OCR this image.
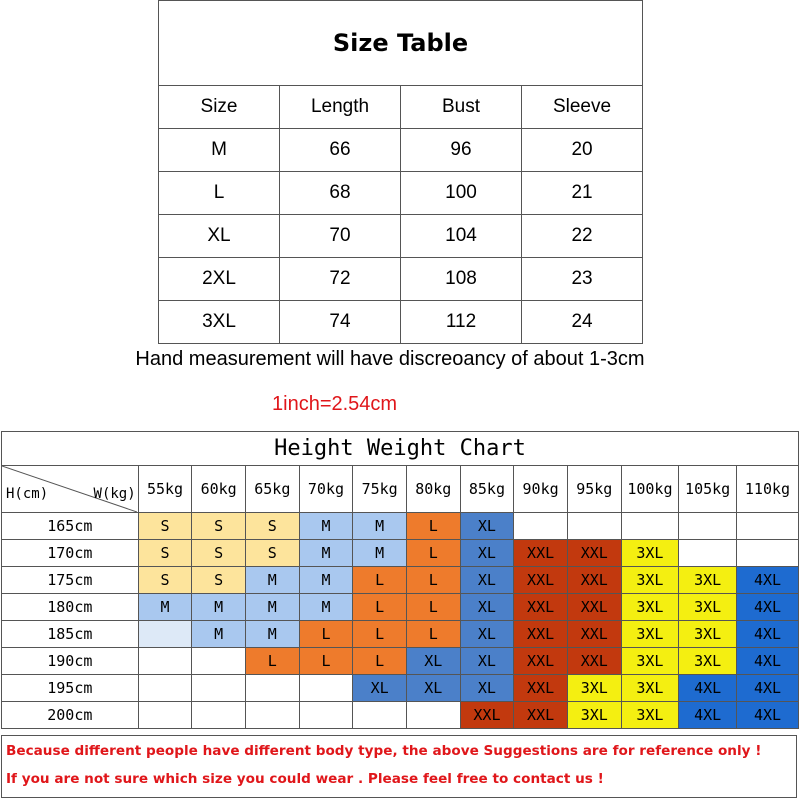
Size Table			
Size	Length	Bust	Sleeve
M	66	96	20
L	68	100	21
XL	70	104	22
2XL	72	108	23
3XL	74	112	24
Hand measurement will have discreoancy of about 1-3cm
1inch=2.54cm
Height Weight Chart												

H(cm) W(kg)	55kg	60kg	65kg	70kg	75kg	80kg	85kg	90kg	95kg	100kg	105kg	110kg
165cm	S	S	S	M	M	L	XL					
170cm	S	S	S	M	M	L	XL	XXL	XXL	3XL		
175cm	S	S	M	M	L	L	XL	XXL	XXL	3XL	3XL	4XL
180cm	M	M	M	M	L	L	XL	XXL	XXL	3XL	3XL	4XL
185cm		M	M	L	L	L	XL	XXL	XXL	3XL	3XL	4XL
190cm			L	L	L	XL	XL	XXL	XXL	3XL	3XL	4XL
195cm					XL	XL	XL	XXL	3XL	3XL	4XL	4XL
200cm							XXL	XXL	3XL	3XL	4XL	4XL
Because different people have different body type, the above Suggestions are for reference only !
If you are not sure which size you could wear . Please feel free to contact us !
